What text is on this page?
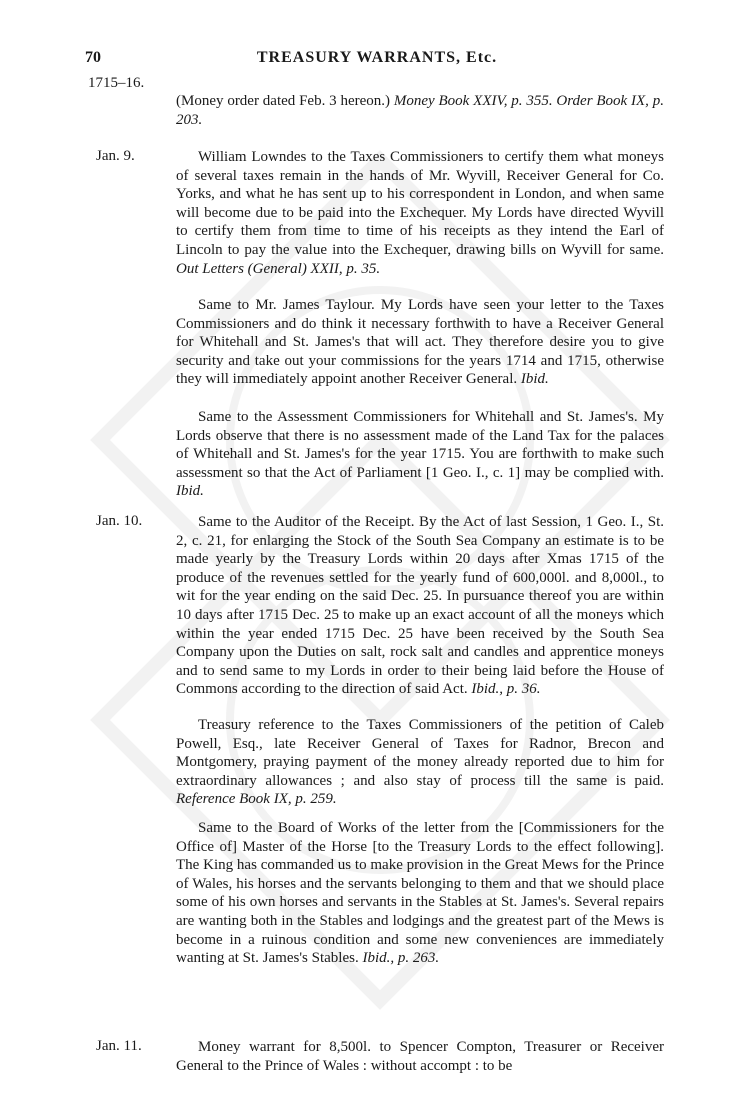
TREASURY WARRANTS, Etc.
70
1715–16.

(Money order dated Feb. 3 hereon.) Money Book XXIV, p. 355. Order Book IX, p. 203.

Jan. 9.	William Lowndes to the Taxes Commissioners to certify them what moneys of several taxes remain in the hands of Mr. Wyvill, Receiver General for Co. Yorks, and what he has sent up to his correspondent in London, and when same will become due to be paid into the Exchequer. My Lords have directed Wyvill to certify them from time to time of his receipts as they intend the Earl of Lincoln to pay the value into the Exchequer, drawing bills on Wyvill for same. Out Letters (General) XXII, p. 35.

Same to Mr. James Taylour. My Lords have seen your letter to the Taxes Commissioners and do think it necessary forthwith to have a Receiver General for Whitehall and St. James's that will act. They therefore desire you to give security and take out your commissions for the years 1714 and 1715, otherwise they will immediately appoint another Receiver General. Ibid.

Same to the Assessment Commissioners for Whitehall and St. James's. My Lords observe that there is no assessment made of the Land Tax for the palaces of Whitehall and St. James's for the year 1715. You are forthwith to make such assessment so that the Act of Parliament [1 Geo. I., c. 1] may be complied with. Ibid.

Jan. 10.	Same to the Auditor of the Receipt. By the Act of last Session, 1 Geo. I., St. 2, c. 21, for enlarging the Stock of the South Sea Company an estimate is to be made yearly by the Treasury Lords within 20 days after Xmas 1715 of the produce of the revenues settled for the yearly fund of 600,000l. and 8,000l., to wit for the year ending on the said Dec. 25. In pursuance thereof you are within 10 days after 1715 Dec. 25 to make up an exact account of all the moneys which within the year ended 1715 Dec. 25 have been received by the South Sea Company upon the Duties on salt, rock salt and candles and apprentice moneys and to send same to my Lords in order to their being laid before the House of Commons according to the direction of said Act. Ibid., p. 36.

Treasury reference to the Taxes Commissioners of the petition of Caleb Powell, Esq., late Receiver General of Taxes for Radnor, Brecon and Montgomery, praying payment of the money already reported due to him for extraordinary allowances ; and also stay of process till the same is paid. Reference Book IX, p. 259.

Same to the Board of Works of the letter from the [Commissioners for the Office of] Master of the Horse [to the Treasury Lords to the effect following]. The King has commanded us to make provision in the Great Mews for the Prince of Wales, his horses and the servants belonging to them and that we should place some of his own horses and servants in the Stables at St. James's. Several repairs are wanting both in the Stables and lodgings and the greatest part of the Mews is become in a ruinous condition and some new conveniences are immediately wanting at St. James's Stables. Ibid., p. 263.

Jan. 11.	Money warrant for 8,500l. to Spencer Compton, Treasurer or Receiver General to the Prince of Wales : without accompt : to be
